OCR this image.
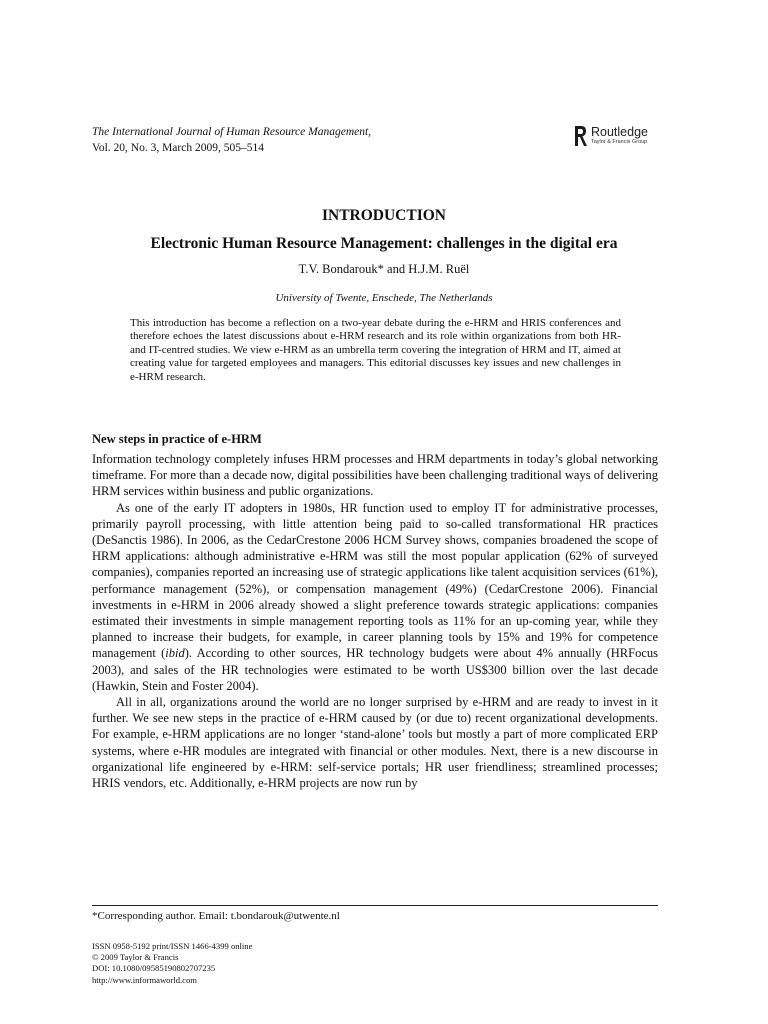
The International Journal of Human Resource Management,
Vol. 20, No. 3, March 2009, 505–514
Routledge
Taylor & Francis Group
INTRODUCTION
Electronic Human Resource Management: challenges in the digital era
T.V. Bondarouk* and H.J.M. Ruël
University of Twente, Enschede, The Netherlands
This introduction has become a reflection on a two-year debate during the e-HRM and HRIS conferences and therefore echoes the latest discussions about e-HRM research and its role within organizations from both HR- and IT-centred studies. We view e-HRM as an umbrella term covering the integration of HRM and IT, aimed at creating value for targeted employees and managers. This editorial discusses key issues and new challenges in e-HRM research.
New steps in practice of e-HRM

Information technology completely infuses HRM processes and HRM departments in today’s global networking timeframe. For more than a decade now, digital possibilities have been challenging traditional ways of delivering HRM services within business and public organizations.

As one of the early IT adopters in 1980s, HR function used to employ IT for administrative processes, primarily payroll processing, with little attention being paid to so-called transformational HR practices (DeSanctis 1986). In 2006, as the CedarCrestone 2006 HCM Survey shows, companies broadened the scope of HRM applications: although administrative e-HRM was still the most popular application (62% of surveyed companies), companies reported an increasing use of strategic applications like talent acquisition services (61%), performance management (52%), or compensation management (49%) (CedarCrestone 2006). Financial investments in e-HRM in 2006 already showed a slight preference towards strategic applications: companies estimated their investments in simple management reporting tools as 11% for an up-coming year, while they planned to increase their budgets, for example, in career planning tools by 15% and 19% for competence management (ibid). According to other sources, HR technology budgets were about 4% annually (HRFocus 2003), and sales of the HR technologies were estimated to be worth US$300 billion over the last decade (Hawkin, Stein and Foster 2004).

All in all, organizations around the world are no longer surprised by e-HRM and are ready to invest in it further. We see new steps in the practice of e-HRM caused by (or due to) recent organizational developments. For example, e-HRM applications are no longer ‘stand-alone’ tools but mostly a part of more complicated ERP systems, where e-HR modules are integrated with financial or other modules. Next, there is a new discourse in organizational life engineered by e-HRM: self-service portals; HR user friendliness; streamlined processes; HRIS vendors, etc. Additionally, e-HRM projects are now run by

*Corresponding author. Email: t.bondarouk@utwente.nl
ISSN 0958-5192 print/ISSN 1466-4399 online
© 2009 Taylor & Francis
DOI: 10.1080/09585190802707235
http://www.informaworld.com
